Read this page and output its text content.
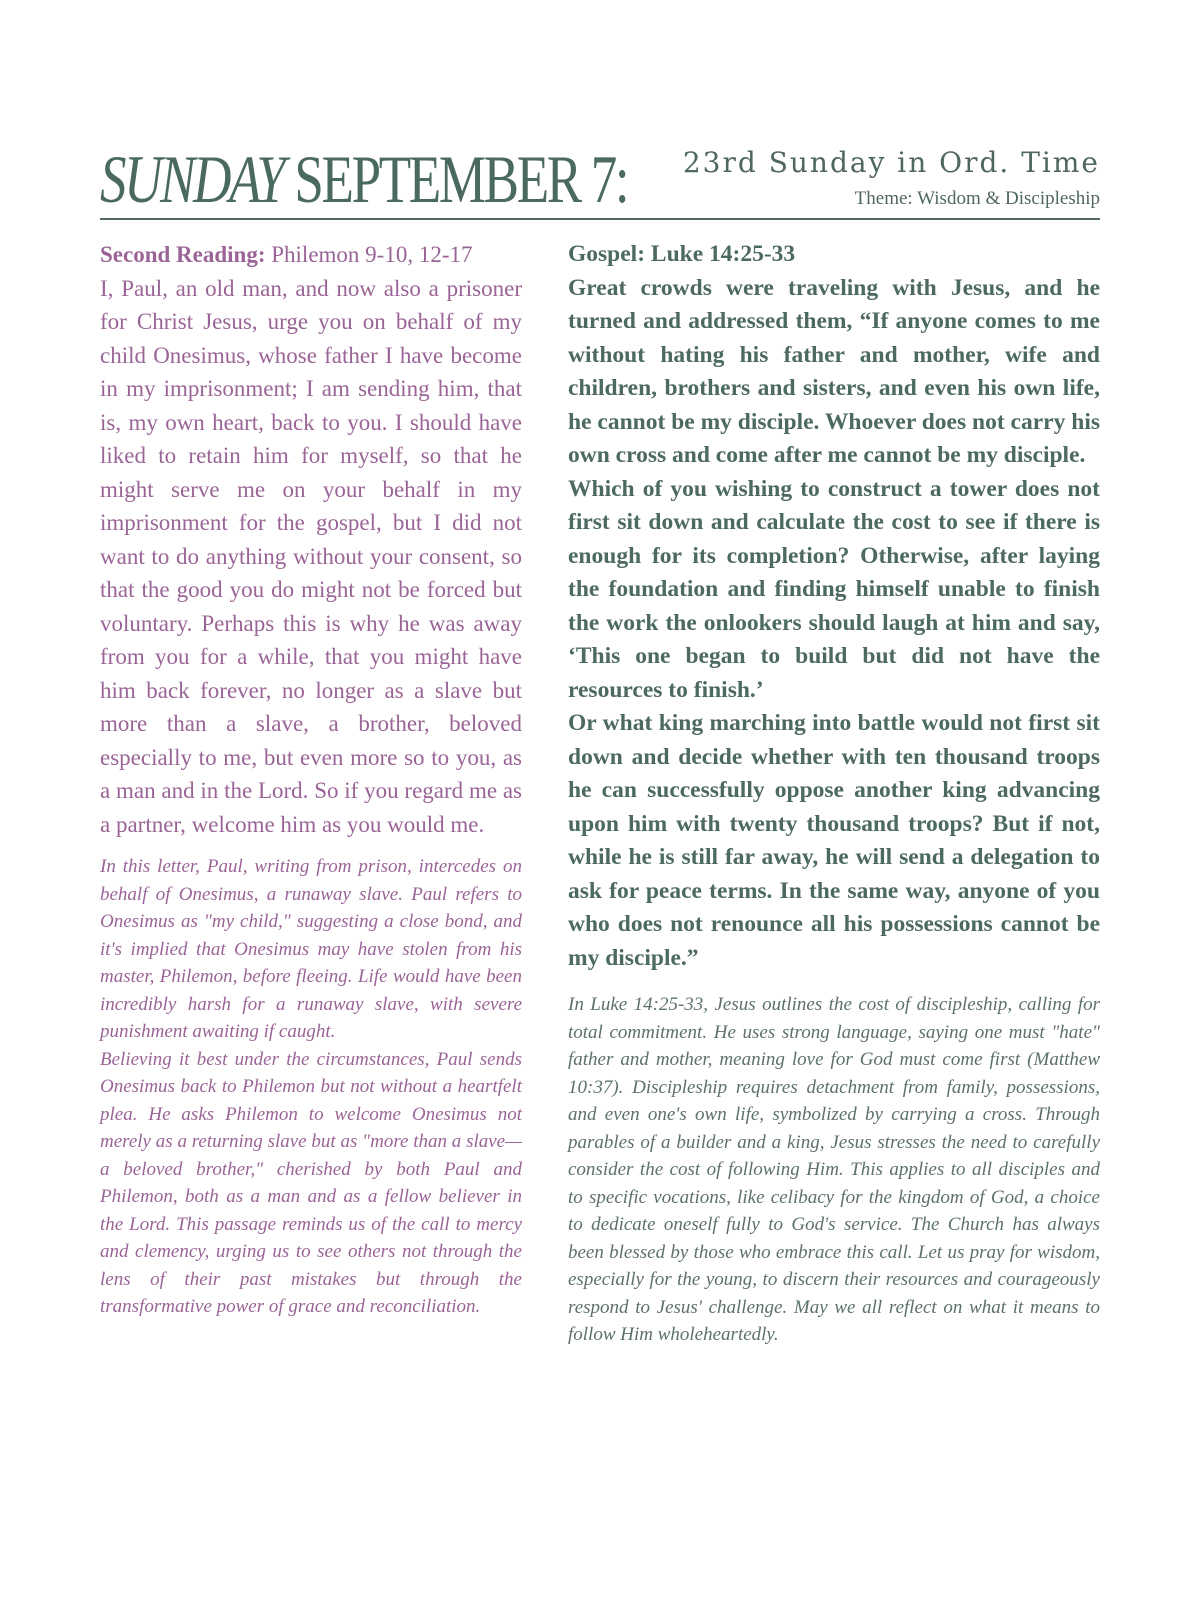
SUNDAY SEPTEMBER 7: 23rd Sunday in Ord. Time
Theme: Wisdom & Discipleship
Second Reading: Philemon 9-10, 12-17

I, Paul, an old man, and now also a prisoner for Christ Jesus, urge you on behalf of my child Onesimus, whose father I have become in my imprisonment; I am sending him, that is, my own heart, back to you. I should have liked to retain him for myself, so that he might serve me on your behalf in my imprisonment for the gospel, but I did not want to do anything without your consent, so that the good you do might not be forced but voluntary. Perhaps this is why he was away from you for a while, that you might have him back forever, no longer as a slave but more than a slave, a brother, beloved especially to me, but even more so to you, as a man and in the Lord. So if you regard me as a partner, welcome him as you would me.

In this letter, Paul, writing from prison, intercedes on behalf of Onesimus, a runaway slave. Paul refers to Onesimus as "my child," suggesting a close bond, and it's implied that Onesimus may have stolen from his master, Philemon, before fleeing. Life would have been incredibly harsh for a runaway slave, with severe punishment awaiting if caught.

Believing it best under the circumstances, Paul sends Onesimus back to Philemon but not without a heartfelt plea. He asks Philemon to welcome Onesimus not merely as a returning slave but as "more than a slave—a beloved brother," cherished by both Paul and Philemon, both as a man and as a fellow believer in the Lord. This passage reminds us of the call to mercy and clemency, urging us to see others not through the lens of their past mistakes but through the transformative power of grace and reconciliation.

Gospel: Luke 14:25-33

Great crowds were traveling with Jesus, and he turned and addressed them, “If anyone comes to me without hating his father and mother, wife and children, brothers and sisters, and even his own life, he cannot be my disciple. Whoever does not carry his own cross and come after me cannot be my disciple.

Which of you wishing to construct a tower does not first sit down and calculate the cost to see if there is enough for its completion? Otherwise, after laying the foundation and finding himself unable to finish the work the onlookers should laugh at him and say, ‘This one began to build but did not have the resources to finish.’

Or what king marching into battle would not first sit down and decide whether with ten thousand troops he can successfully oppose another king advancing upon him with twenty thousand troops? But if not, while he is still far away, he will send a delegation to ask for peace terms. In the same way, anyone of you who does not renounce all his possessions cannot be my disciple.”

In Luke 14:25-33, Jesus outlines the cost of discipleship, calling for total commitment. He uses strong language, saying one must "hate" father and mother, meaning love for God must come first (Matthew 10:37). Discipleship requires detachment from family, possessions, and even one's own life, symbolized by carrying a cross. Through parables of a builder and a king, Jesus stresses the need to carefully consider the cost of following Him. This applies to all disciples and to specific vocations, like celibacy for the kingdom of God, a choice to dedicate oneself fully to God's service. The Church has always been blessed by those who embrace this call. Let us pray for wisdom, especially for the young, to discern their resources and courageously respond to Jesus' challenge. May we all reflect on what it means to follow Him wholeheartedly.
